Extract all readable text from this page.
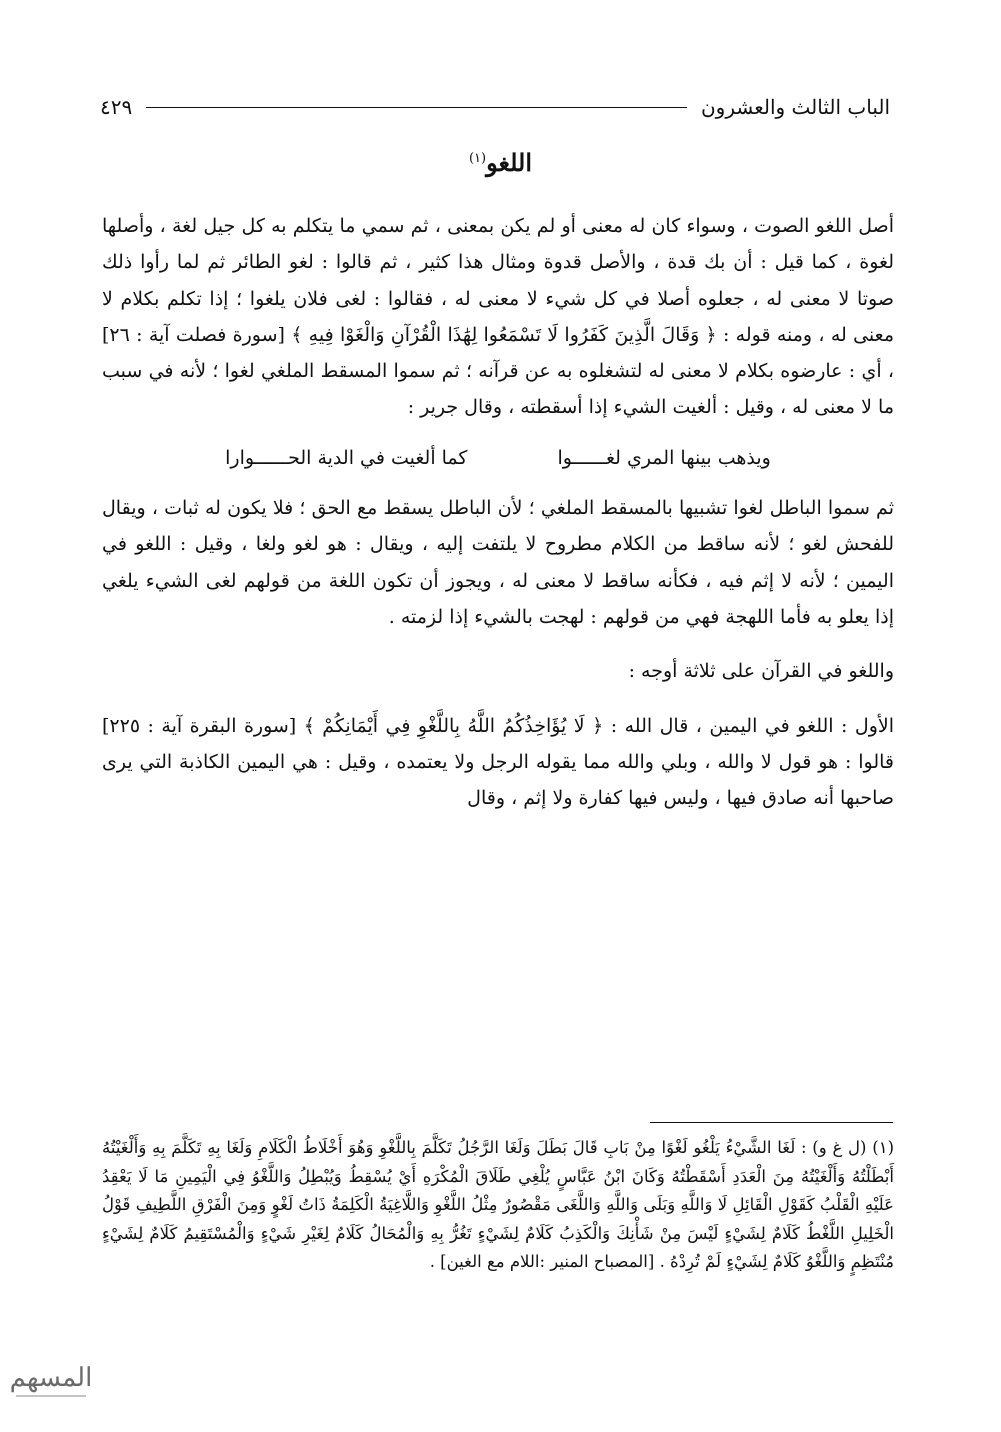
الباب الثالث والعشرون
٤٢٩
اللغو$^{(١)}$

أصل اللغو الصوت ، وسواء كان له معنى أو لم يكن بمعنى ، ثم سمي ما يتكلم به كل جيل لغة ، وأصلها لغوة ، كما قيل : أن بك قدة ، والأصل قدوة ومثال هذا كثير ، ثم قالوا : لغو الطائر ثم لما رأوا ذلك صوتا لا معنى له ، جعلوه أصلا في كل شيء لا معنى له ، فقالوا : لغى فلان يلغوا ؛ إذا تكلم بكلام لا معنى له ، ومنه قوله : ﴿ وَقَالَ الَّذِينَ كَفَرُوا لَا تَسْمَعُوا لِهَٰذَا الْقُرْآنِ وَالْغَوْا فِيهِ ﴾ [سورة فصلت آية : ٢٦] ، أي : عارضوه بكلام لا معنى له لتشغلوه به عن قرآنه ؛ ثم سموا المسقط الملغي لغوا ؛ لأنه في سبب ما لا معنى له ، وقيل : ألغيت الشيء إذا أسقطته ، وقال جرير :

ويذهب بينها المري لغــــــوا
كما ألغيت في الدية الحــــــوارا

ثم سموا الباطل لغوا تشبيها بالمسقط الملغي ؛ لأن الباطل يسقط مع الحق ؛ فلا يكون له ثبات ، ويقال للفحش لغو ؛ لأنه ساقط من الكلام مطروح لا يلتفت إليه ، ويقال : هو لغو ولغا ، وقيل : اللغو في اليمين ؛ لأنه لا إثم فيه ، فكأنه ساقط لا معنى له ، ويجوز أن تكون اللغة من قولهم لغى الشيء يلغي إذا يعلو به فأما اللهجة فهي من قولهم : لهجت بالشيء إذا لزمته .

واللغو في القرآن على ثلاثة أوجه :

الأول : اللغو في اليمين ، قال الله : ﴿ لَا يُؤَاخِذُكُمُ اللَّهُ بِاللَّغْوِ فِي أَيْمَانِكُمْ ﴾ [سورة البقرة آية : ٢٢٥] قالوا : هو قول لا والله ، وبلي والله مما يقوله الرجل ولا يعتمده ، وقيل : هي اليمين الكاذبة التي يرى صاحبها أنه صادق فيها ، وليس فيها كفارة ولا إثم ، وقال

(١) (ل غ و) : لَغَا الشَّيْءُ يَلْغُو لَغْوًا مِنْ بَابِ قَالَ بَطَلَ وَلَغَا الرَّجُلُ تَكَلَّمَ بِاللَّغْوِ وَهُوَ أَخْلَاطُ الْكَلَامِ وَلَغَا بِهِ تَكَلَّمَ بِهِ وَأَلْغَيْتُهُ أَبْطَلْتُهُ وَأَلْغَيْتُهُ مِنَ الْعَدَدِ أَسْقَطْتُهُ وَكَانَ ابْنُ عَبَّاسٍ يُلْغِي طَلَاقَ الْمُكْرَهِ أَيْ يُسْقِطُ وَيُبْطِلُ وَاللَّغْوُ فِي الْيَمِينِ مَا لَا يَعْقِدُ عَلَيْهِ الْقَلْبُ كَقَوْلِ الْقَائِلِ لَا وَاللَّهِ وَبَلَى وَاللَّهِ وَاللَّغَى مَقْصُورٌ مِثْلُ اللَّغْوِ وَاللَّاغِيَةُ الْكَلِمَةُ ذَاتُ لَغْوٍ وَمِنَ الْفَرْقِ اللَّطِيفِ قَوْلُ الْخَلِيلِ اللَّغْطُ كَلَامٌ لِشَيْءٍ لَيْسَ مِنْ شَأْنِكَ وَالْكَذِبُ كَلَامٌ لِشَيْءٍ تَغُرُّ بِهِ وَالْمُحَالُ كَلَامٌ لِغَيْرِ شَيْءٍ وَالْمُسْتَقِيمُ كَلَامٌ لِشَيْءٍ مُنْتَظِمٍ وَاللَّغْوُ كَلَامٌ لِشَيْءٍ لَمْ تُرِدْهُ . [المصباح المنير :اللام مع الغين] .

المسهم
